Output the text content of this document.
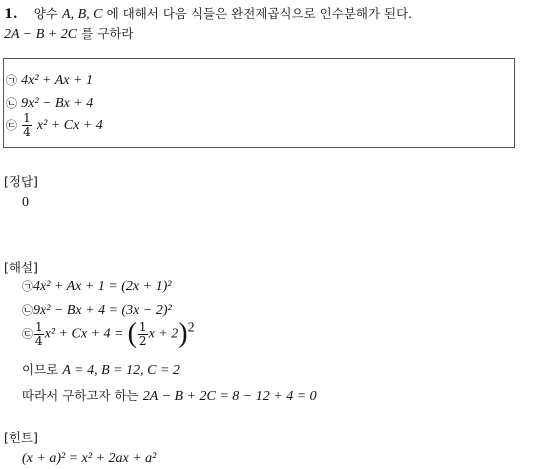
1. 양수 A, B, C 에 대해서 다음 식들은 완전제곱식으로 인수분해가 된다.
2A − B + 2C 를 구하라
㉠ 4x² + Ax + 1
㉡ 9x² − Bx + 4
㉢ $\frac{1}{4} x^2 + Cx + 4$
[정답]
0
[해설]
㉠4x² + Ax + 1 = (2x + 1)²
㉡9x² − Bx + 4 = (3x − 2)²
㉢ $\frac{1}{4} x^2 + Cx + 4$ = ( $\frac{1}{2}$ x + 2)$^2$
이므로 A = 4, B = 12, C = 2
따라서 구하고자 하는 2A − B + 2C = 8 − 12 + 4 = 0
[힌트]
(x + a)² = x² + 2ax + a²
